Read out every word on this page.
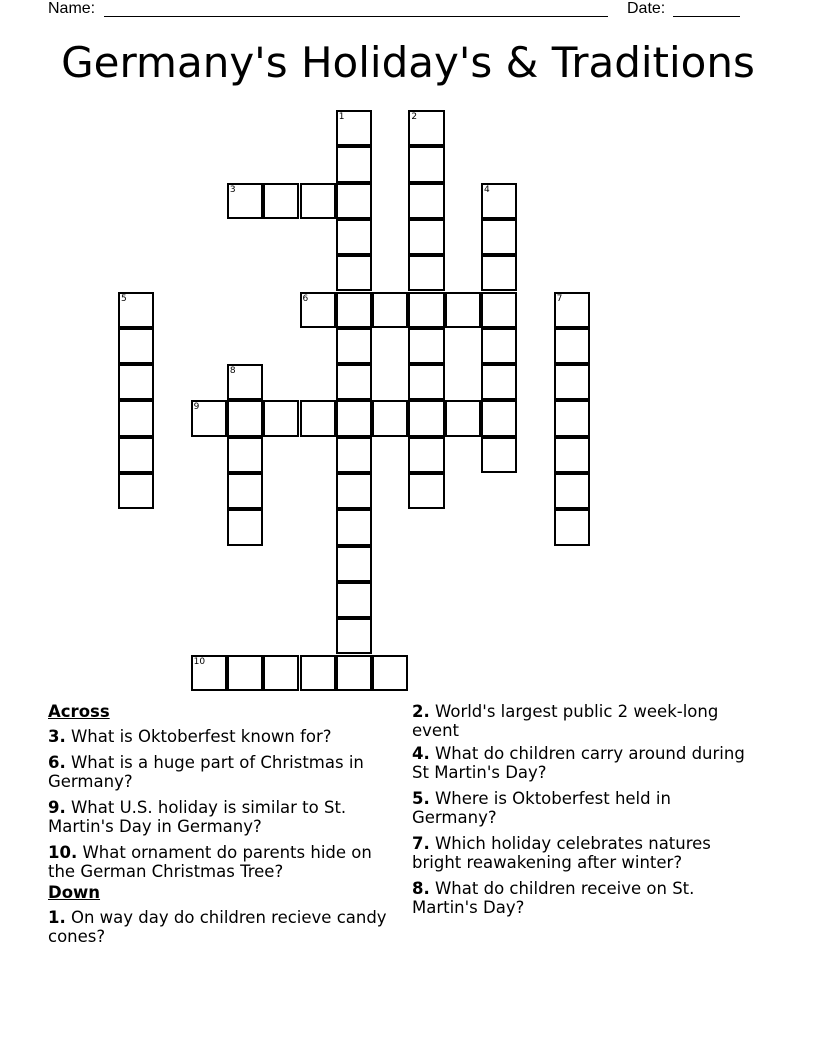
Name:	Date:
Germany's Holiday's & Traditions
1	2
3	4
5	6	7
8
9
10
Across
3. What is Oktoberfest known for?
6. What is a huge part of Christmas in Germany?
9. What U.S. holiday is similar to St. Martin's Day in Germany?
10. What ornament do parents hide on the German Christmas Tree?
Down
1. On way day do children recieve candy cones?
2. World's largest public 2 week-long event
4. What do children carry around during St Martin's Day?
5. Where is Oktoberfest held in Germany?
7. Which holiday celebrates natures bright reawakening after winter?
8. What do children receive on St. Martin's Day?
